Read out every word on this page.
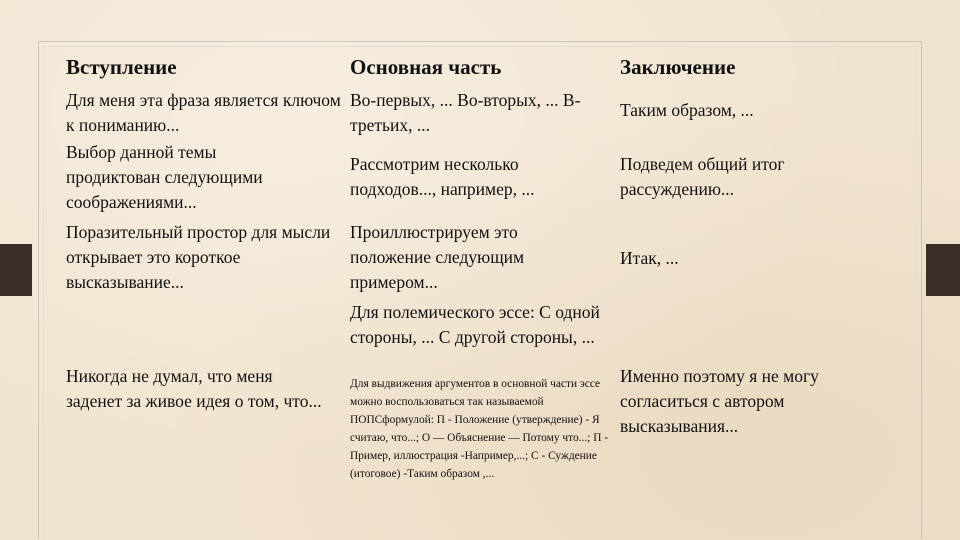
Вступление	Основная часть	Заключение
Для меня эта фраза является ключом к пониманию...
Выбор данной темы продиктован следующими соображениями...
Поразительный простор для мысли открывает это короткое высказывание...
Никогда не думал, что меня заденет за живое идея о том, что...
Во-первых, ... Во-вторых, ... В-третьих, ...
Рассмотрим несколько подходов..., например, ...
Проиллюстрируем это положение следующим примером...
Для полемического эссе: С одной стороны, ... С другой стороны, ...
Для выдвижения аргументов в основной части эссе можно воспользоваться так называемой ПОПСформулой: П - Положение (утверждение) - Я считаю, что...; О — Объяснение — Потому что...; П - Пример, иллюстрация -Например,...; С - Суждение (итоговое) -Таким образом ,...
Таким образом, ...
Подведем общий итог рассуждению...
Итак, ...
Именно поэтому я не могу согласиться с автором высказывания...
